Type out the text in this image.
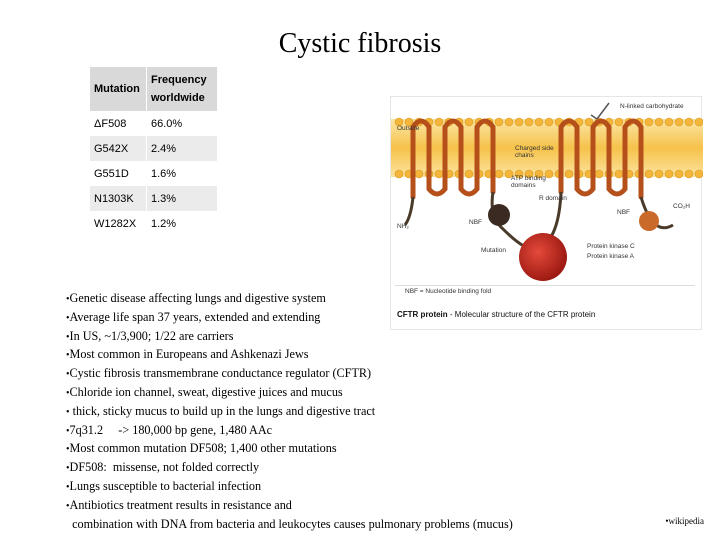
Cystic fibrosis
Mutation	Frequency worldwide
ΔF508	66.0%
G542X	2.4%
G551D	1.6%
N1303K	1.3%
W1282X	1.2%
N-linked carbohydrate
Outside
Charged side chains
ATP binding domains
R domain
NBF
NBF
NH₂
CO₂H
Mutation
Protein kinase C
Protein kinase A
NBF = Nucleotide binding fold
CFTR protein - Molecular structure of the CFTR protein
•Genetic disease affecting lungs and digestive system
•Average life span 37 years, extended and extending
•In US, ~1/3,900; 1/22 are carriers
•Most common in Europeans and Ashkenazi Jews
•Cystic fibrosis transmembrane conductance regulator (CFTR)
•Chloride ion channel, sweat, digestive juices and mucus
• thick, sticky mucus to build up in the lungs and digestive tract
•7q31.2     -> 180,000 bp gene, 1,480 AAc
•Most common mutation DF508; 1,400 other mutations
•DF508:  missense, not folded correctly
•Lungs susceptible to bacterial infection
•Antibiotics treatment results in resistance and
combination with DNA from bacteria and leukocytes causes pulmonary problems (mucus)	•wikipedia
